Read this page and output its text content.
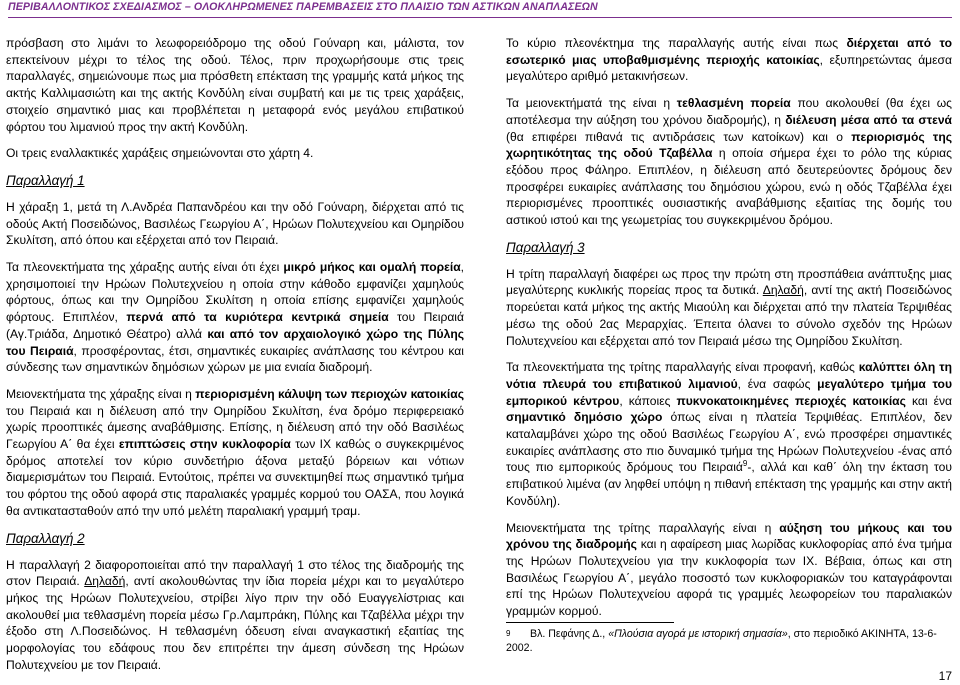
ΠΕΡΙΒΑΛΛΟΝΤΙΚΟΣ ΣΧΕΔΙΑΣΜΟΣ – ΟΛΟΚΛΗΡΩΜΕΝΕΣ ΠΑΡΕΜΒΑΣΕΙΣ ΣΤΟ ΠΛΑΙΣΙΟ ΤΩΝ ΑΣΤΙΚΩΝ ΑΝΑΠΛΑΣΕΩΝ

πρόσβαση στο λιμάνι το λεωφορειόδρομο της οδού Γούναρη και, μάλιστα, τον επεκτείνουν μέχρι το τέλος της οδού. Τέλος, πριν προχωρήσουμε στις τρεις παραλλαγές, σημειώνουμε πως μια πρόσθετη επέκταση της γραμμής κατά μήκος της ακτής Καλλιμασιώτη και της ακτής Κονδύλη είναι συμβατή και με τις τρεις χαράξεις, στοιχείο σημαντικό μιας και προβλέπεται η μεταφορά ενός μεγάλου επιβατικού φόρτου του λιμανιού προς την ακτή Κονδύλη.

Οι τρεις εναλλακτικές χαράξεις σημειώνονται στο χάρτη 4.

Παραλλαγή 1

Η χάραξη 1, μετά τη Λ.Ανδρέα Παπανδρέου και την οδό Γούναρη, διέρχεται από τις οδούς Ακτή Ποσειδώνος, Βασιλέως Γεωργίου Α΄, Ηρώων Πολυτεχνείου και Ομηρίδου Σκυλίτση, από όπου και εξέρχεται από τον Πειραιά.

Τα πλεονεκτήματα της χάραξης αυτής είναι ότι έχει μικρό μήκος και ομαλή πορεία, χρησιμοποιεί την Ηρώων Πολυτεχνείου η οποία στην κάθοδο εμφανίζει χαμηλούς φόρτους, όπως και την Ομηρίδου Σκυλίτση η οποία επίσης εμφανίζει χαμηλούς φόρτους. Επιπλέον, περνά από τα κυριότερα κεντρικά σημεία του Πειραιά (Αγ.Τριάδα, Δημοτικό Θέατρο) αλλά και από τον αρχαιολογικό χώρο της Πύλης του Πειραιά, προσφέροντας, έτσι, σημαντικές ευκαιρίες ανάπλασης του κέντρου και σύνδεσης των σημαντικών δημόσιων χώρων με μια ενιαία διαδρομή.

Μειονεκτήματα της χάραξης είναι η περιορισμένη κάλυψη των περιοχών κατοικίας του Πειραιά και η διέλευση από την Ομηρίδου Σκυλίτση, ένα δρόμο περιφερειακό χωρίς προοπτικές άμεσης αναβάθμισης. Επίσης, η διέλευση από την οδό Βασιλέως Γεωργίου Α΄ θα έχει επιπτώσεις στην κυκλοφορία των ΙΧ καθώς ο συγκεκριμένος δρόμος αποτελεί τον κύριο συνδετήριο άξονα μεταξύ βόρειων και νότιων διαμερισμάτων του Πειραιά. Εντούτοις, πρέπει να συνεκτιμηθεί πως σημαντικό τμήμα του φόρτου της οδού αφορά στις παραλιακές γραμμές κορμού του ΟΑΣΑ, που λογικά θα αντικατασταθούν από την υπό μελέτη παραλιακή γραμμή τραμ.

Παραλλαγή 2

Η παραλλαγή 2 διαφοροποιείται από την παραλλαγή 1 στο τέλος της διαδρομής της στον Πειραιά. Δηλαδή, αντί ακολουθώντας την ίδια πορεία μέχρι και το μεγαλύτερο μήκος της Ηρώων Πολυτεχνείου, στρίβει λίγο πριν την οδό Ευαγγελίστριας και ακολουθεί μια τεθλασμένη πορεία μέσω Γρ.Λαμπράκη, Πύλης και Τζαβέλλα μέχρι την έξοδο στη Λ.Ποσειδώνος. Η τεθλασμένη όδευση είναι αναγκαστική εξαιτίας της μορφολογίας του εδάφους που δεν επιτρέπει την άμεση σύνδεση της Ηρώων Πολυτεχνείου με τον Πειραιά.

Το κύριο πλεονέκτημα της παραλλαγής αυτής είναι πως διέρχεται από το εσωτερικό μιας υποβαθμισμένης περιοχής κατοικίας, εξυπηρετώντας άμεσα μεγαλύτερο αριθμό μετακινήσεων.

Τα μειονεκτήματά της είναι η τεθλασμένη πορεία που ακολουθεί (θα έχει ως αποτέλεσμα την αύξηση του χρόνου διαδρομής), η διέλευση μέσα από τα στενά (θα επιφέρει πιθανά τις αντιδράσεις των κατοίκων) και ο περιορισμός της χωρητικότητας της οδού Τζαβέλλα η οποία σήμερα έχει το ρόλο της κύριας εξόδου προς Φάληρο. Επιπλέον, η διέλευση από δευτερεύοντες δρόμους δεν προσφέρει ευκαιρίες ανάπλασης του δημόσιου χώρου, ενώ η οδός Τζαβέλλα έχει περιορισμένες προοπτικές ουσιαστικής αναβάθμισης εξαιτίας της δομής του αστικού ιστού και της γεωμετρίας του συγκεκριμένου δρόμου.

Παραλλαγή 3

Η τρίτη παραλλαγή διαφέρει ως προς την πρώτη στη προσπάθεια ανάπτυξης μιας μεγαλύτερης κυκλικής πορείας προς τα δυτικά. Δηλαδή, αντί της ακτή Ποσειδώνος πορεύεται κατά μήκος της ακτής Μιαούλη και διέρχεται από την πλατεία Τερψιθέας μέσω της οδού 2ας Μεραρχίας. Έπειτα όλανει το σύνολο σχεδόν της Ηρώων Πολυτεχνείου και εξέρχεται από τον Πειραιά μέσω της Ομηρίδου Σκυλίτση.

Τα πλεονεκτήματα της τρίτης παραλλαγής είναι προφανή, καθώς καλύπτει όλη τη νότια πλευρά του επιβατικού λιμανιού, ένα σαφώς μεγαλύτερο τμήμα του εμπορικού κέντρου, κάποιες πυκνοκατοικημένες περιοχές κατοικίας και ένα σημαντικό δημόσιο χώρο όπως είναι η πλατεία Τερψιθέας. Επιπλέον, δεν καταλαμβάνει χώρο της οδού Βασιλέως Γεωργίου Α΄, ενώ προσφέρει σημαντικές ευκαιρίες ανάπλασης στο πιο δυναμικό τμήμα της Ηρώων Πολυτεχνείου -ένας από τους πιο εμπορικούς δρόμους του Πειραιά$^9$-, αλλά και καθ΄ όλη την έκταση του επιβατικού λιμένα (αν ληφθεί υπόψη η πιθανή επέκταση της γραμμής και στην ακτή Κονδύλη).

Μειονεκτήματα της τρίτης παραλλαγής είναι η αύξηση του μήκους και του χρόνου της διαδρομής και η αφαίρεση μιας λωρίδας κυκλοφορίας από ένα τμήμα της Ηρώων Πολυτεχνείου για την κυκλοφορία των ΙΧ. Βέβαια, όπως και στη Βασιλέως Γεωργίου Α΄, μεγάλο ποσοστό των κυκλοφοριακών του καταγράφονται επί της Ηρώων Πολυτεχνείου αφορά τις γραμμές λεωφορείων του παραλιακών γραμμών κορμού.

9 Βλ. Πεφάνης Δ., «Πλούσια αγορά με ιστορική σημασία», στο περιοδικό ΑΚΙΝΗΤΑ, 13-6-2002.
17
